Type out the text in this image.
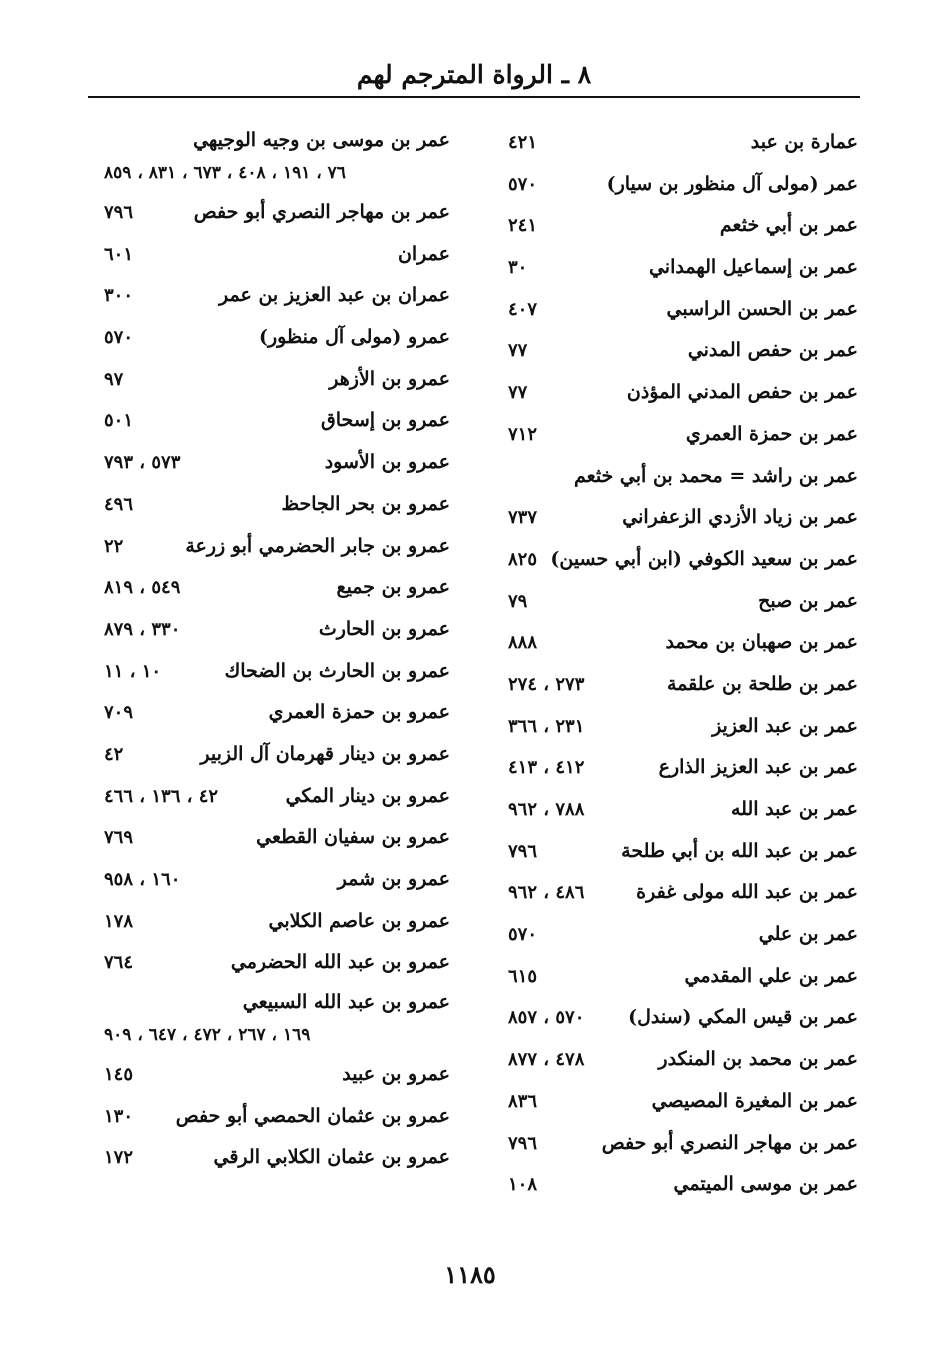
٨ ـ الرواة المترجم لهم
عمارة بن عبد
٤٢١
عمر (مولى آل منظور بن سيار)
٥٧٠
عمر بن أبي خثعم
٢٤١
عمر بن إسماعيل الهمداني
٣٠
عمر بن الحسن الراسبي
٤٠٧
عمر بن حفص المدني
٧٧
عمر بن حفص المدني المؤذن
٧٧
عمر بن حمزة العمري
٧١٢
عمر بن راشد = محمد بن أبي خثعم
عمر بن زياد الأزدي الزعفراني
٧٣٧
عمر بن سعيد الكوفي (ابن أبي حسين)
٨٢٥
عمر بن صبح
٧٩
عمر بن صهبان بن محمد
٨٨٨
عمر بن طلحة بن علقمة
٢٧٣ ، ٢٧٤
عمر بن عبد العزيز
٢٣١ ، ٣٦٦
عمر بن عبد العزيز الذارع
٤١٢ ، ٤١٣
عمر بن عبد الله
٧٨٨ ، ٩٦٢
عمر بن عبد الله بن أبي طلحة
٧٩٦
عمر بن عبد الله مولى غفرة
٤٨٦ ، ٩٦٢
عمر بن علي
٥٧٠
عمر بن علي المقدمي
٦١٥
عمر بن قيس المكي (سندل)
٥٧٠ ، ٨٥٧
عمر بن محمد بن المنكدر
٤٧٨ ، ٨٧٧
عمر بن المغيرة المصيصي
٨٣٦
عمر بن مهاجر النصري أبو حفص
٧٩٦
عمر بن موسى الميتمي
١٠٨
عمر بن موسى بن وجيه الوجيهي
٧٦ ، ١٩١ ، ٤٠٨ ، ٦٧٣ ، ٨٣١ ، ٨٥٩
عمر بن مهاجر النصري أبو حفص
٧٩٦
عمران
٦٠١
عمران بن عبد العزيز بن عمر
٣٠٠
عمرو (مولى آل منظور)
٥٧٠
عمرو بن الأزهر
٩٧
عمرو بن إسحاق
٥٠١
عمرو بن الأسود
٥٧٣ ، ٧٩٣
عمرو بن بحر الجاحظ
٤٩٦
عمرو بن جابر الحضرمي أبو زرعة
٢٢
عمرو بن جميع
٥٤٩ ، ٨١٩
عمرو بن الحارث
٣٣٠ ، ٨٧٩
عمرو بن الحارث بن الضحاك
١٠ ، ١١
عمرو بن حمزة العمري
٧٠٩
عمرو بن دينار قهرمان آل الزبير
٤٢
عمرو بن دينار المكي
٤٢ ، ١٣٦ ، ٤٦٦
عمرو بن سفيان القطعي
٧٦٩
عمرو بن شمر
١٦٠ ، ٩٥٨
عمرو بن عاصم الكلابي
١٧٨
عمرو بن عبد الله الحضرمي
٧٦٤
عمرو بن عبد الله السبيعي
١٦٩ ، ٢٦٧ ، ٤٧٢ ، ٦٤٧ ، ٩٠٩
عمرو بن عبيد
١٤٥
عمرو بن عثمان الحمصي أبو حفص
١٣٠
عمرو بن عثمان الكلابي الرقي
١٧٢
١١٨٥
